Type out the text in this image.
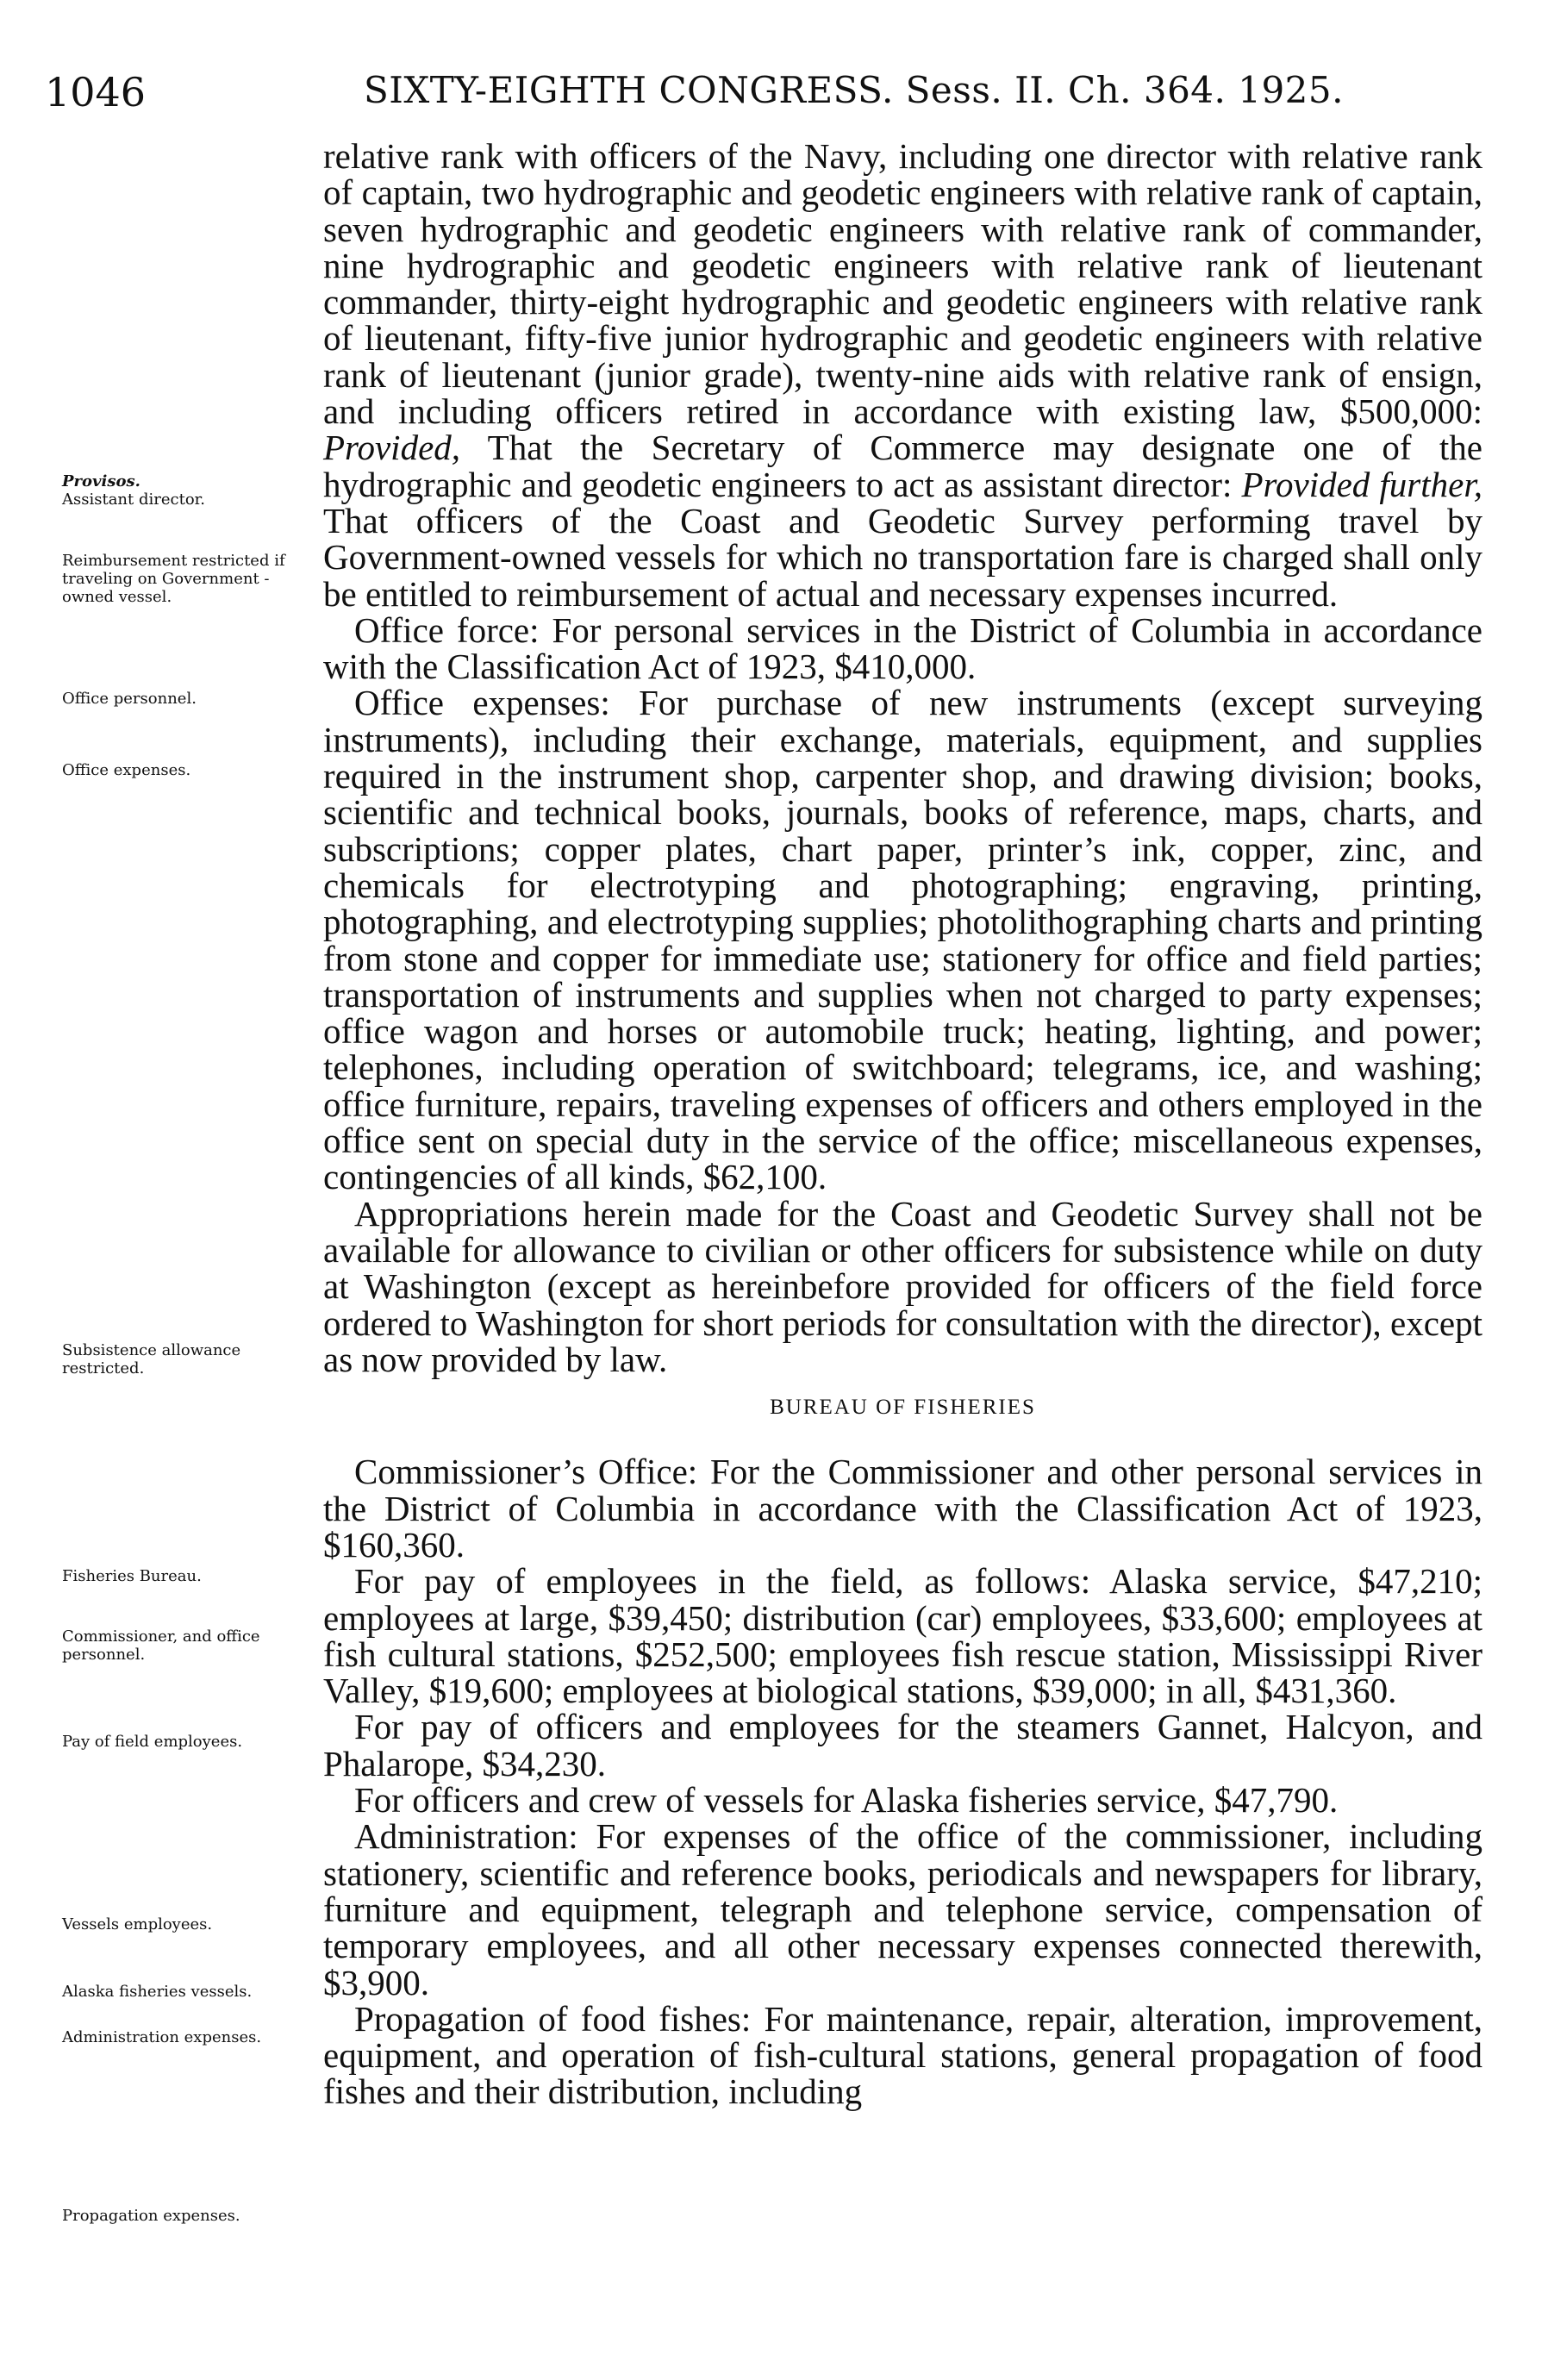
1046	SIXTY-EIGHTH CONGRESS. Sess. II. Ch. 364. 1925.
Provisos.
Assistant director.
Reimbursement restricted if traveling on Government - owned vessel.
Office personnel.
Office expenses.
Subsistence allowance restricted.
Fisheries Bureau.
Commissioner, and office personnel.
Pay of field employees.
Vessels employees.
Alaska fisheries vessels.
Administration expenses.
Propagation expenses.

relative rank with officers of the Navy, including one director with relative rank of captain, two hydrographic and geodetic engineers with relative rank of captain, seven hydrographic and geodetic engineers with relative rank of commander, nine hydrographic and geodetic engineers with relative rank of lieutenant commander, thirty-eight hydrographic and geodetic engineers with relative rank of lieutenant, fifty-five junior hydrographic and geodetic engineers with relative rank of lieutenant (junior grade), twenty-nine aids with relative rank of ensign, and including officers retired in accordance with existing law, $500,000: Provided, That the Secretary of Commerce may designate one of the hydrographic and geodetic engineers to act as assistant director: Provided further, That officers of the Coast and Geodetic Survey performing travel by Government-owned vessels for which no transportation fare is charged shall only be entitled to reimbursement of actual and necessary expenses incurred.

Office force: For personal services in the District of Columbia in accordance with the Classification Act of 1923, $410,000.

Office expenses: For purchase of new instruments (except surveying instruments), including their exchange, materials, equipment, and supplies required in the instrument shop, carpenter shop, and drawing division; books, scientific and technical books, journals, books of reference, maps, charts, and subscriptions; copper plates, chart paper, printer’s ink, copper, zinc, and chemicals for electrotyping and photographing; engraving, printing, photographing, and electrotyping supplies; photolithographing charts and printing from stone and copper for immediate use; stationery for office and field parties; transportation of instruments and supplies when not charged to party expenses; office wagon and horses or automobile truck; heating, lighting, and power; telephones, including operation of switchboard; telegrams, ice, and washing; office furniture, repairs, traveling expenses of officers and others employed in the office sent on special duty in the service of the office; miscellaneous expenses, contingencies of all kinds, $62,100.

Appropriations herein made for the Coast and Geodetic Survey shall not be available for allowance to civilian or other officers for subsistence while on duty at Washington (except as hereinbefore provided for officers of the field force ordered to Washington for short periods for consultation with the director), except as now provided by law.

BUREAU OF FISHERIES

Commissioner’s Office: For the Commissioner and other personal services in the District of Columbia in accordance with the Classification Act of 1923, $160,360.

For pay of employees in the field, as follows: Alaska service, $47,210; employees at large, $39,450; distribution (car) employees, $33,600; employees at fish cultural stations, $252,500; employees fish rescue station, Mississippi River Valley, $19,600; employees at biological stations, $39,000; in all, $431,360.

For pay of officers and employees for the steamers Gannet, Halcyon, and Phalarope, $34,230.

For officers and crew of vessels for Alaska fisheries service, $47,790.

Administration: For expenses of the office of the commissioner, including stationery, scientific and reference books, periodicals and newspapers for library, furniture and equipment, telegraph and telephone service, compensation of temporary employees, and all other necessary expenses connected therewith, $3,900.

Propagation of food fishes: For maintenance, repair, alteration, improvement, equipment, and operation of fish-cultural stations, general propagation of food fishes and their distribution, including
